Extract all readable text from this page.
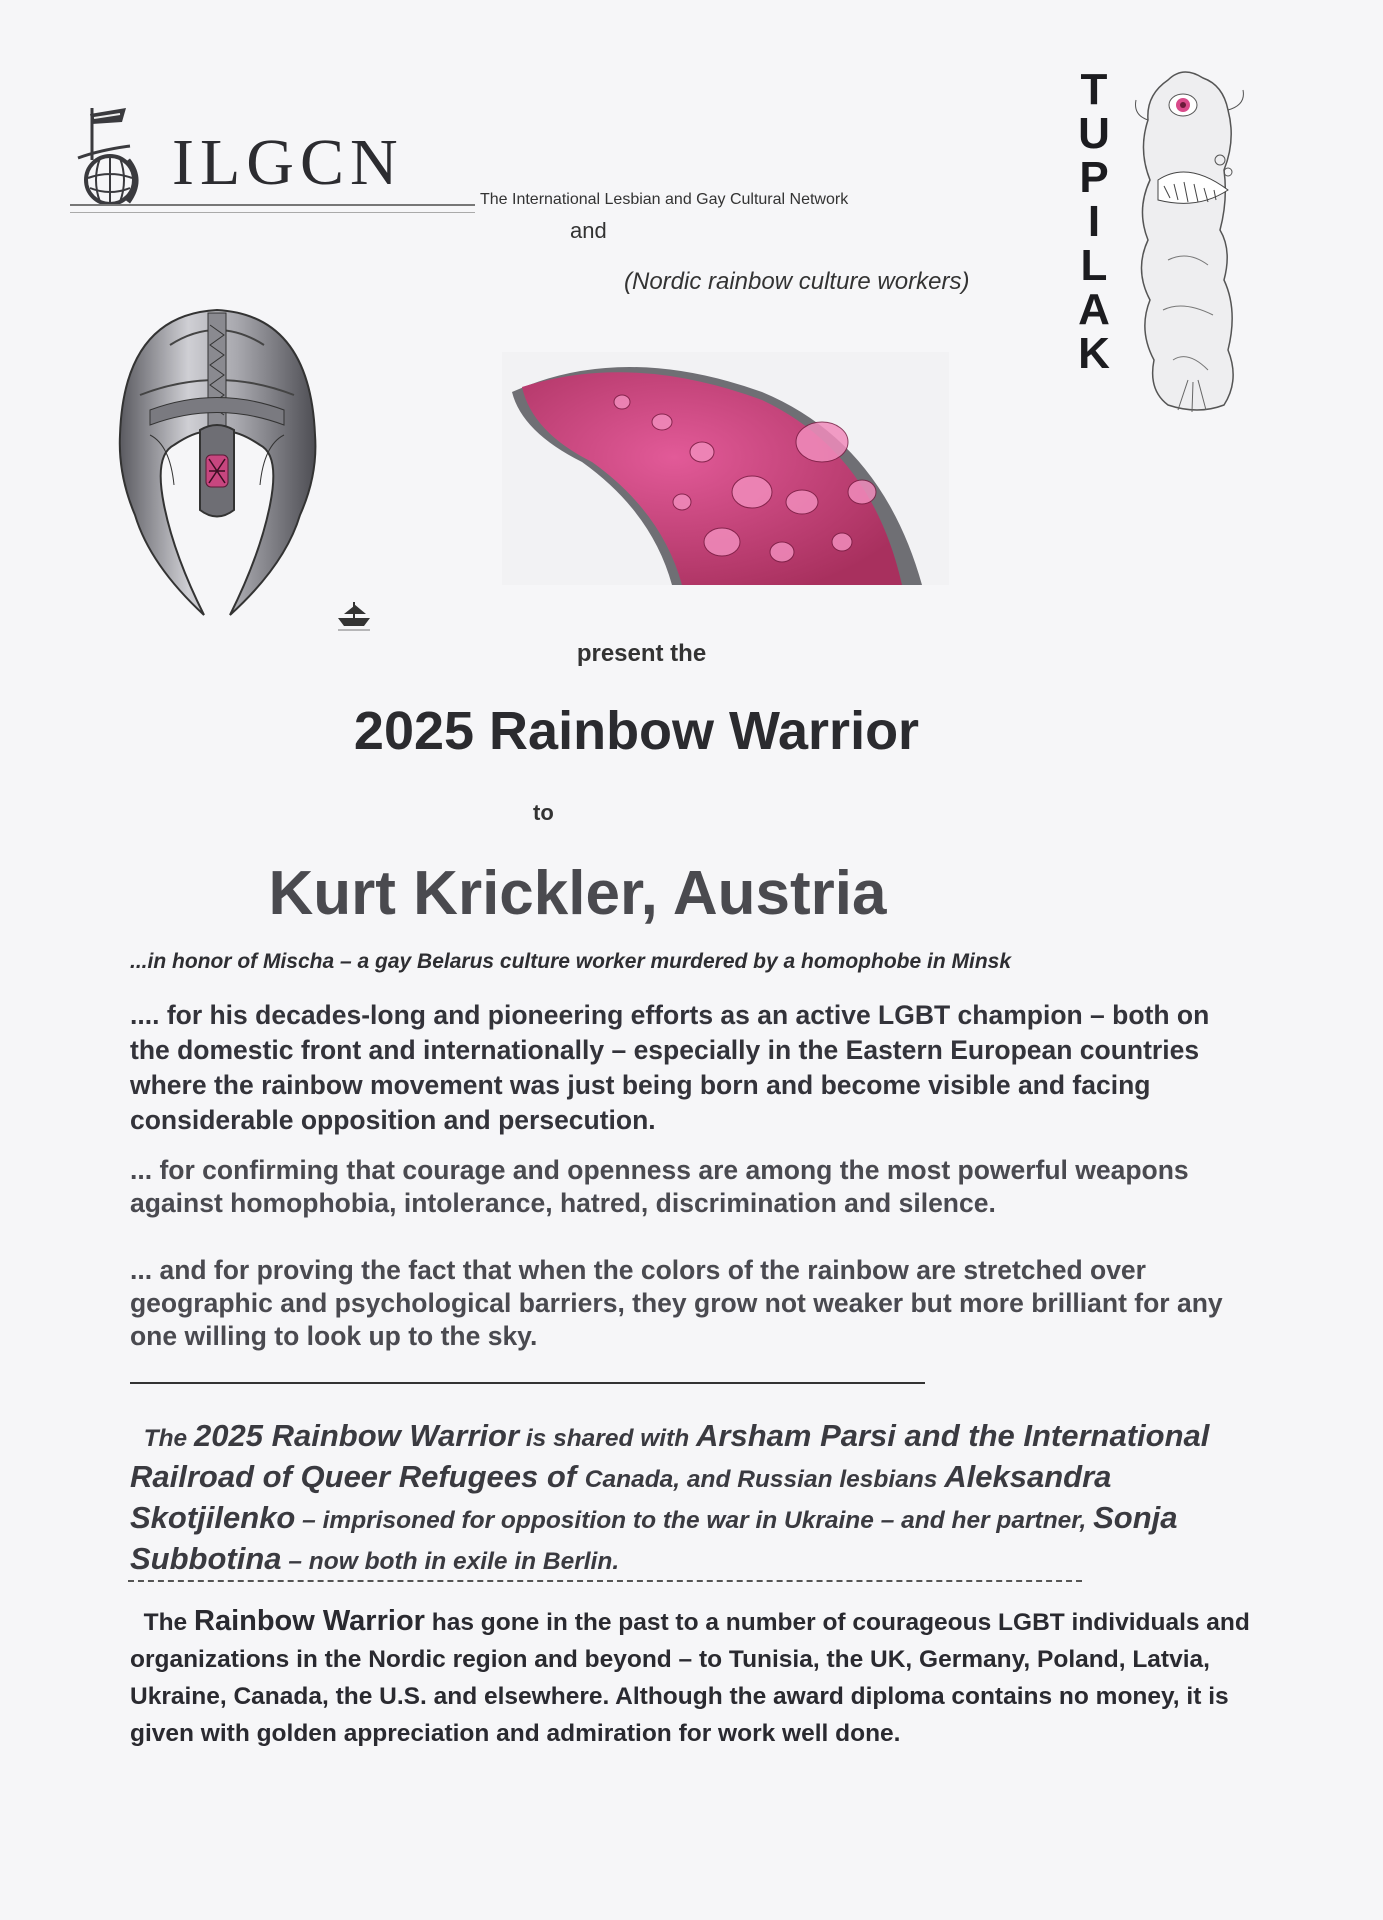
ILGCN
The International Lesbian and Gay Cultural Network
and
(Nordic rainbow culture workers)
T
U
P
I
L
A
K
present the
2025 Rainbow Warrior
to
Kurt Krickler, Austria
...in honor of Mischa – a gay Belarus culture worker murdered by a homophobe in Minsk
.... for his decades-long and pioneering efforts as an active LGBT champion – both on the domestic front and internationally – especially in the Eastern European countries where the rainbow movement was just being born and become visible and facing considerable opposition and persecution.
... for confirming that courage and openness are among the most powerful weapons against homophobia, intolerance, hatred, discrimination and silence.
... and for proving the fact that when the colors of the rainbow are stretched over geographic and psychological barriers, they grow not weaker but more brilliant for any one willing to look up to the sky.
The 2025 Rainbow Warrior is shared with Arsham Parsi and the International Railroad of Queer Refugees of Canada, and Russian lesbians Aleksandra Skotjilenko – imprisoned for opposition to the war in Ukraine – and her partner, Sonja Subbotina – now both in exile in Berlin.
The Rainbow Warrior has gone in the past to a number of courageous LGBT individuals and organizations in the Nordic region and beyond – to Tunisia, the UK, Germany, Poland, Latvia, Ukraine, Canada, the U.S. and elsewhere. Although the award diploma contains no money, it is given with golden appreciation and admiration for work well done.
